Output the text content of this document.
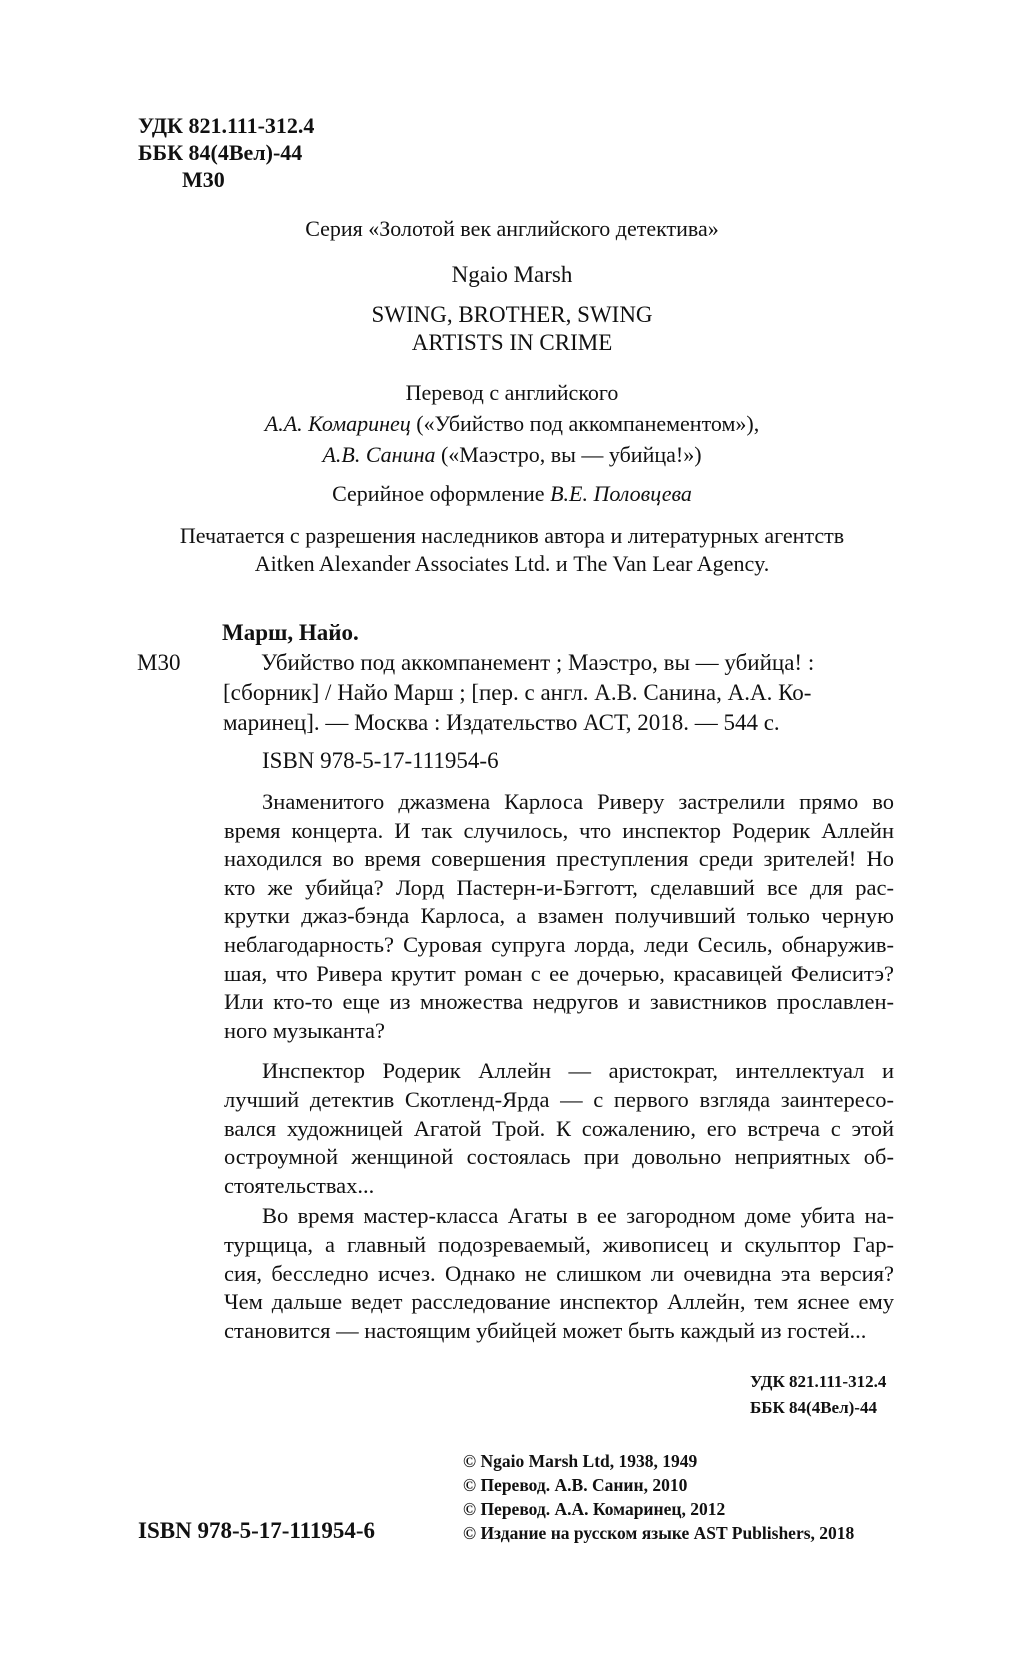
УДК 821.111-312.4
ББК 84(4Вел)-44
М30
Серия «Золотой век английского детектива»
Ngaio Marsh
SWING, BROTHER, SWING
ARTISTS IN CRIME
Перевод с английского
А.А. Комаринец («Убийство под аккомпанементом»),
А.В. Санина («Маэстро, вы — убийца!»)
Серийное оформление В.Е. Половцева
Печатается с разрешения наследников автора и литературных агентств
Aitken Alexander Associates Ltd. и The Van Lear Agency.
Марш, Найо.
М30	Убийство под аккомпанемент ; Маэстро, вы — убийца! :
[сборник] / Найо Марш ; [пер. с англ. А.В. Санина, А.А. Ко-
маринец]. — Москва : Издательство АСТ, 2018. — 544 с.
ISBN 978-5-17-111954-6
Знаменитого джазмена Карлоса Риверу застрелили прямо во
время концерта. И так случилось, что инспектор Родерик Аллейн
находился во время совершения преступления среди зрителей! Но
кто же убийца? Лорд Пастерн-и-Бэгготт, сделавший все для рас-
крутки джаз-бэнда Карлоса, а взамен получивший только черную
неблагодарность? Суровая супруга лорда, леди Сесиль, обнаружив-
шая, что Ривера крутит роман с ее дочерью, красавицей Фелиситэ?
Или кто-то еще из множества недругов и завистников прославлен-
ного музыканта?
Инспектор Родерик Аллейн — аристократ, интеллектуал и
лучший детектив Скотленд-Ярда — с первого взгляда заинтересо-
вался художницей Агатой Трой. К сожалению, его встреча с этой
остроумной женщиной состоялась при довольно неприятных об-
стоятельствах...
Во время мастер-класса Агаты в ее загородном доме убита на-
турщица, а главный подозреваемый, живописец и скульптор Гар-
сия, бесследно исчез. Однако не слишком ли очевидна эта версия?
Чем дальше ведет расследование инспектор Аллейн, тем яснее ему
становится — настоящим убийцей может быть каждый из гостей...
УДК 821.111-312.4
ББК 84(4Вел)-44
ISBN 978-5-17-111954-6
© Ngaio Marsh Ltd, 1938, 1949
© Перевод. А.В. Санин, 2010
© Перевод. А.А. Комаринец, 2012
© Издание на русском языке AST Publishers, 2018
